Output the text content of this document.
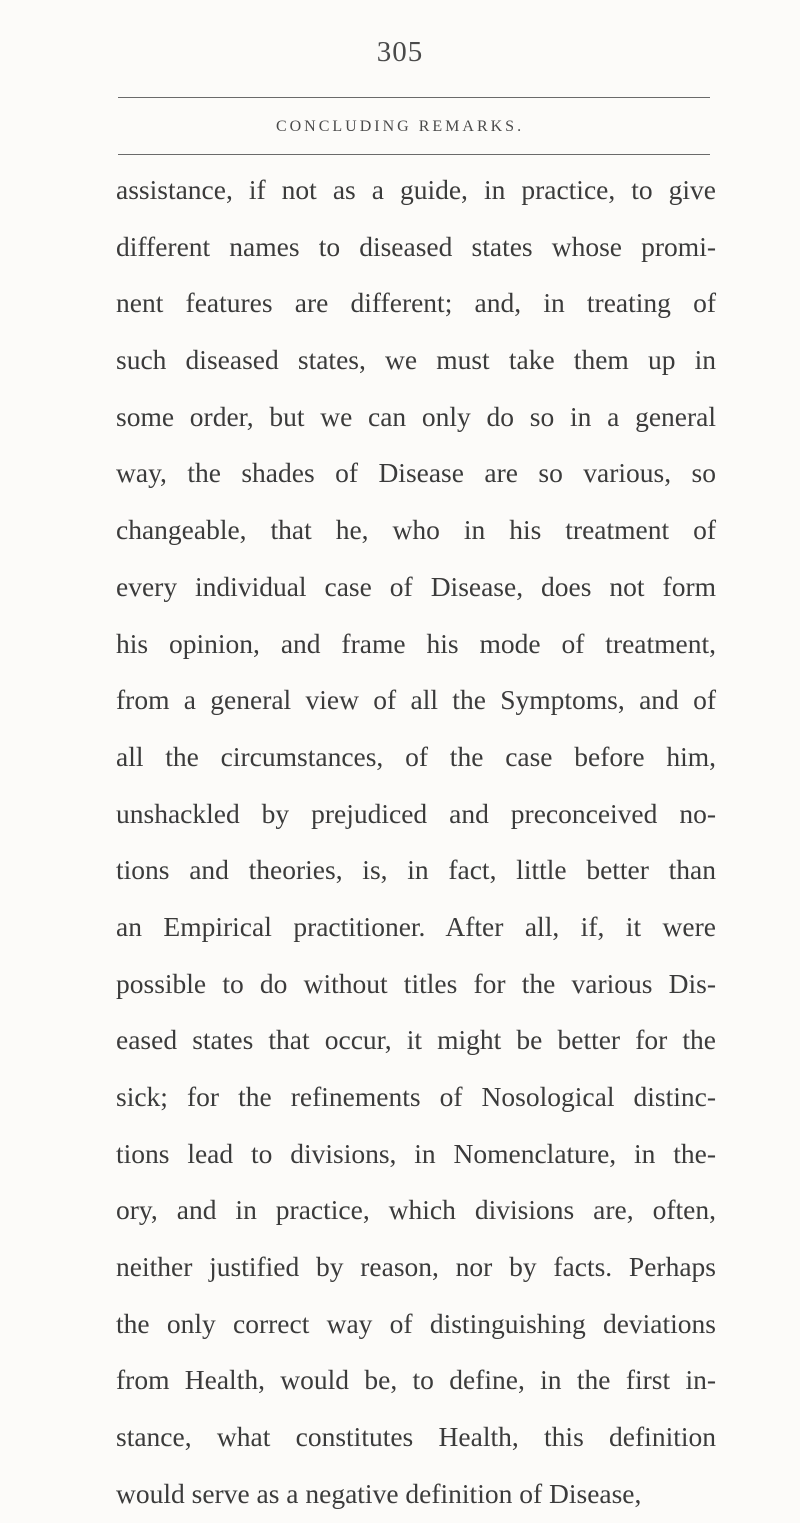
305
CONCLUDING REMARKS.
assistance, if not as a guide, in practice, to give
different names to diseased states whose promi-
nent features are different; and, in treating of
such diseased states, we must take them up in
some order, but we can only do so in a general
way, the shades of Disease are so various, so
changeable, that he, who in his treatment of
every individual case of Disease, does not form
his opinion, and frame his mode of treatment,
from a general view of all the Symptoms, and of
all the circumstances, of the case before him,
unshackled by prejudiced and preconceived no-
tions and theories, is, in fact, little better than
an Empirical practitioner. After all, if, it were
possible to do without titles for the various Dis-
eased states that occur, it might be better for the
sick; for the refinements of Nosological distinc-
tions lead to divisions, in Nomenclature, in the-
ory, and in practice, which divisions are, often,
neither justified by reason, nor by facts. Perhaps
the only correct way of distinguishing deviations
from Health, would be, to define, in the first in-
stance, what constitutes Health, this definition
would serve as a negative definition of Disease,
